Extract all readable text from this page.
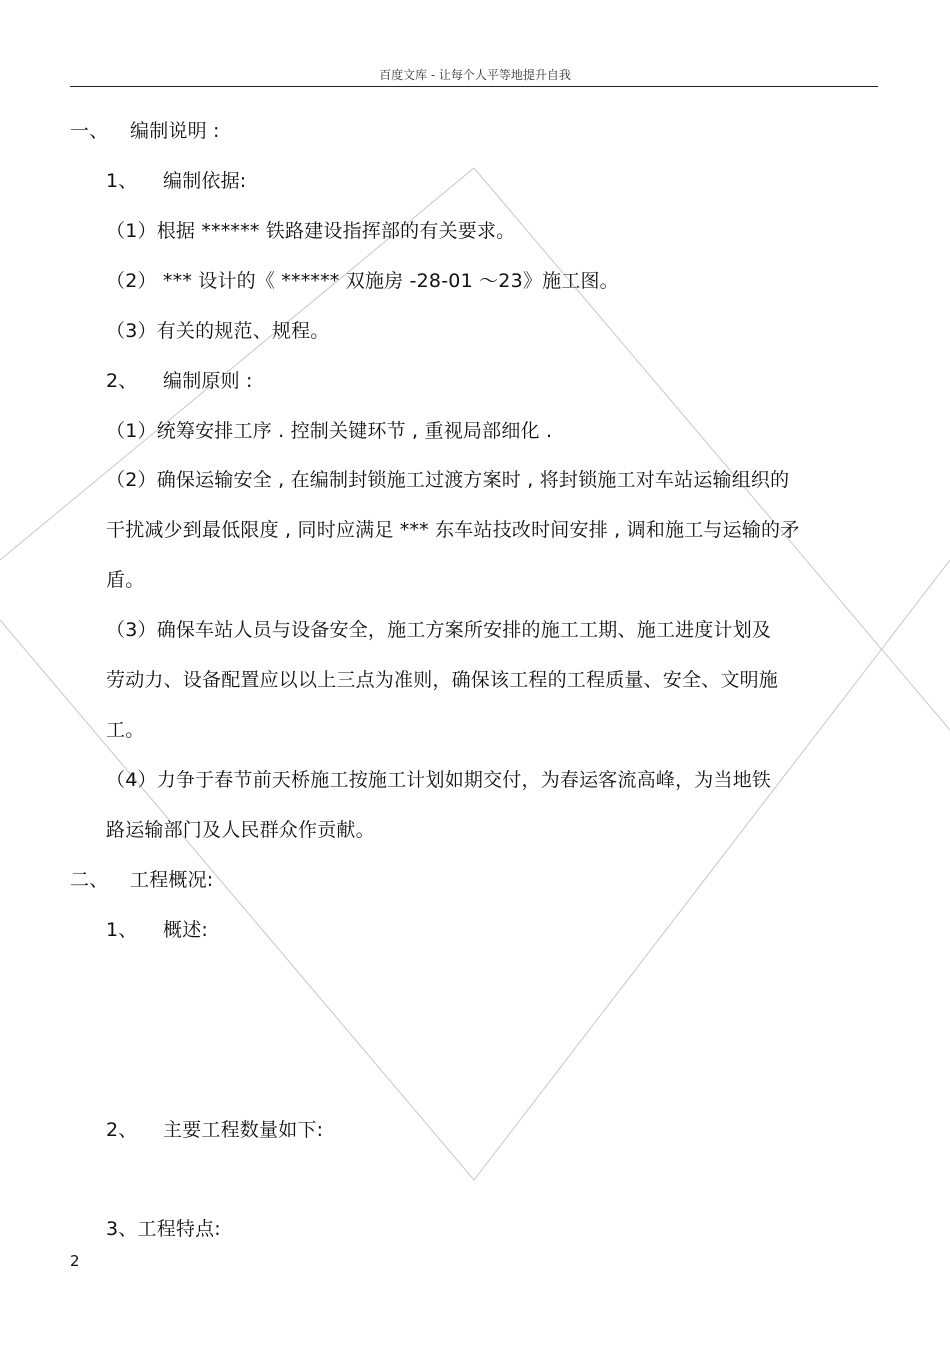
百度文库 - 让每个人平等地提升自我
一、 编制说明 :
1、 编制依据:
（1）根据 ****** 铁路建设指挥部的有关要求。
（2） *** 设计的《 ****** 双施房 -28-01 ～23》施工图。
（3）有关的规范、规程。
2、 编制原则 :
（1）统筹安排工序 . 控制关键环节 , 重视局部细化 .
（2）确保运输安全 , 在编制封锁施工过渡方案时 , 将封锁施工对车站运输组织的
干扰减少到最低限度 , 同时应满足 *** 东车站技改时间安排 , 调和施工与运输的矛
盾。
（3）确保车站人员与设备安全，施工方案所安排的施工工期、施工进度计划及
劳动力、设备配置应以以上三点为准则，确保该工程的工程质量、安全、文明施
工。
（4）力争于春节前天桥施工按施工计划如期交付，为春运客流高峰，为当地铁
路运输部门及人民群众作贡献。
二、 工程概况:
1、 概述:
2、 主要工程数量如下:
3、工程特点:
2
